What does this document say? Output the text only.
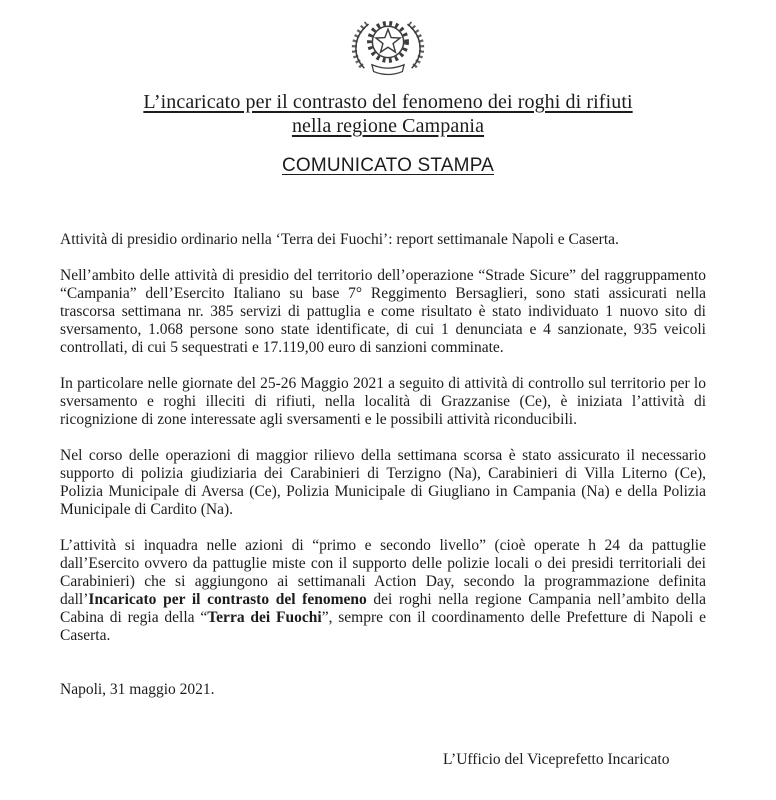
L’incaricato per il contrasto del fenomeno dei roghi di rifiuti
nella regione Campania
COMUNICATO STAMPA

Attività di presidio ordinario nella ‘Terra dei Fuochi’: report settimanale Napoli e Caserta.

Nell’ambito delle attività di presidio del territorio dell’operazione “Strade Sicure” del raggruppamento “Campania” dell’Esercito Italiano su base 7° Reggimento Bersaglieri, sono stati assicurati nella trascorsa settimana nr. 385 servizi di pattuglia e come risultato è stato individuato 1 nuovo sito di sversamento, 1.068 persone sono state identificate, di cui 1 denunciata e 4 sanzionate, 935 veicoli controllati, di cui 5 sequestrati e 17.119,00 euro di sanzioni comminate.

In particolare nelle giornate del 25-26 Maggio 2021 a seguito di attività di controllo sul territorio per lo sversamento e roghi illeciti di rifiuti, nella località di Grazzanise (Ce), è iniziata l’attività di ricognizione di zone interessate agli sversamenti e le possibili attività riconducibili.

Nel corso delle operazioni di maggior rilievo della settimana scorsa è stato assicurato il necessario supporto di polizia giudiziaria dei Carabinieri di Terzigno (Na), Carabinieri di Villa Literno (Ce), Polizia Municipale di Aversa (Ce), Polizia Municipale di Giugliano in Campania (Na) e della Polizia Municipale di Cardito (Na).

L’attività si inquadra nelle azioni di “primo e secondo livello” (cioè operate h 24 da pattuglie dall’Esercito ovvero da pattuglie miste con il supporto delle polizie locali o dei presidi territoriali dei Carabinieri) che si aggiungono ai settimanali Action Day, secondo la programmazione definita dall’Incaricato per il contrasto del fenomeno dei roghi nella regione Campania nell’ambito della Cabina di regia della “Terra dei Fuochi”, sempre con il coordinamento delle Prefetture di Napoli e Caserta.

Napoli, 31 maggio 2021.

L’Ufficio del Viceprefetto Incaricato
